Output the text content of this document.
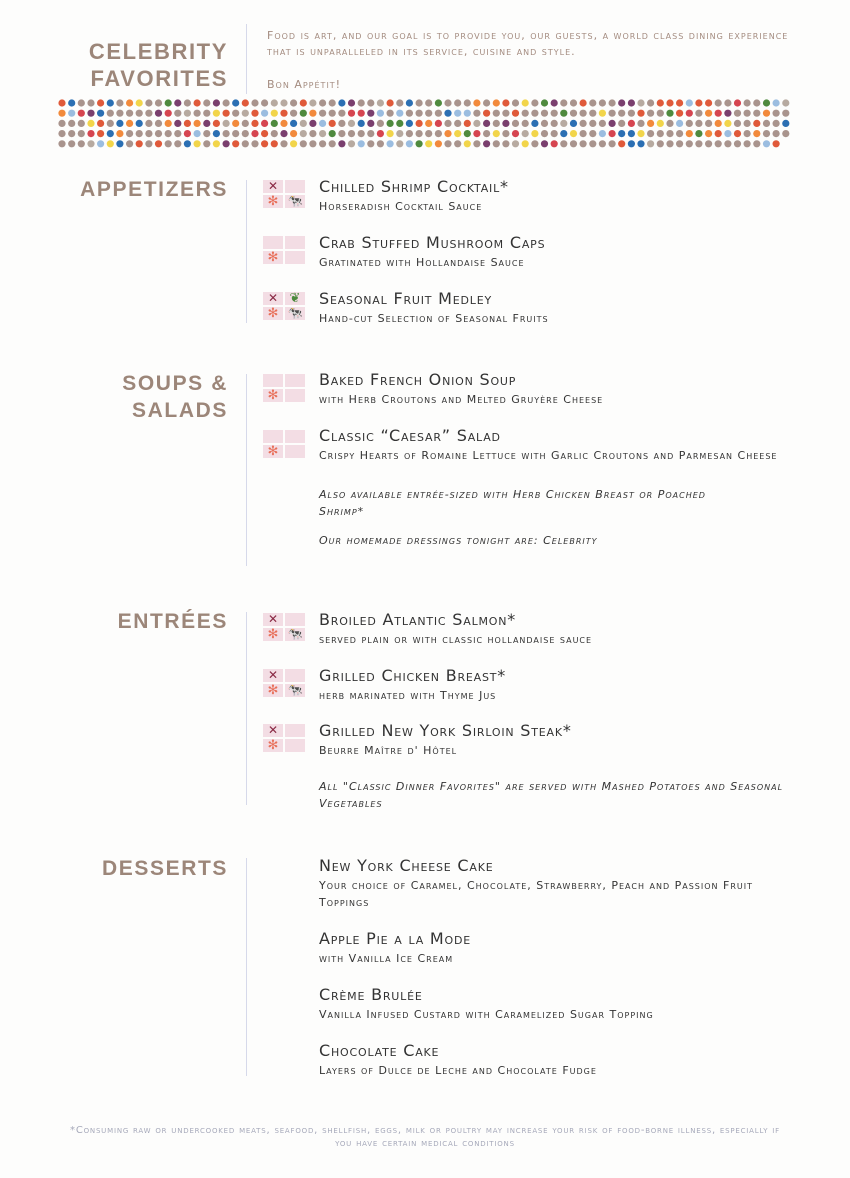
CELEBRITY FAVORITES
Food is art, and our goal is to provide you, our guests, a world class dining experience that is unparalleled in its service, cuisine and style.
Bon Appétit!
APPETIZERS	✕
✻ 🐄
Chilled Shrimp Cocktail*
Horseradish Cocktail Sauce
✻
Crab Stuffed Mushroom Caps
Gratinated with Hollandaise Sauce
✕ ❦
✻ 🐄
Seasonal Fruit Medley
Hand-cut Selection of Seasonal Fruits
SOUPS & SALADS
✻
Baked French Onion Soup
with Herb Croutons and Melted Gruyère Cheese
✻
Classic “Caesar” Salad
Crispy Hearts of Romaine Lettuce with Garlic Croutons and Parmesan Cheese
Also available entrée-sized with Herb Chicken Breast or Poached Shrimp*
Our homemade dressings tonight are: Celebrity
ENTRÉES	✕
✻ 🐄
Broiled Atlantic Salmon*
served plain or with classic hollandaise sauce
✕
✻ 🐄
Grilled Chicken Breast*
herb marinated with Thyme Jus
✕
✻
Grilled New York Sirloin Steak*
Beurre Maître d' Hôtel
All "Classic Dinner Favorites" are served with Mashed Potatoes and Seasonal Vegetables
DESSERTS	New York Cheese Cake
Your choice of Caramel, Chocolate, Strawberry, Peach and Passion Fruit Toppings
Apple Pie a la Mode
with Vanilla Ice Cream
Crème Brulée
Vanilla Infused Custard with Caramelized Sugar Topping
Chocolate Cake
Layers of Dulce de Leche and Chocolate Fudge
*Consuming raw or undercooked meats, seafood, shellfish, eggs, milk or poultry may increase your risk of food-borne illness, especially if you have certain medical conditions
